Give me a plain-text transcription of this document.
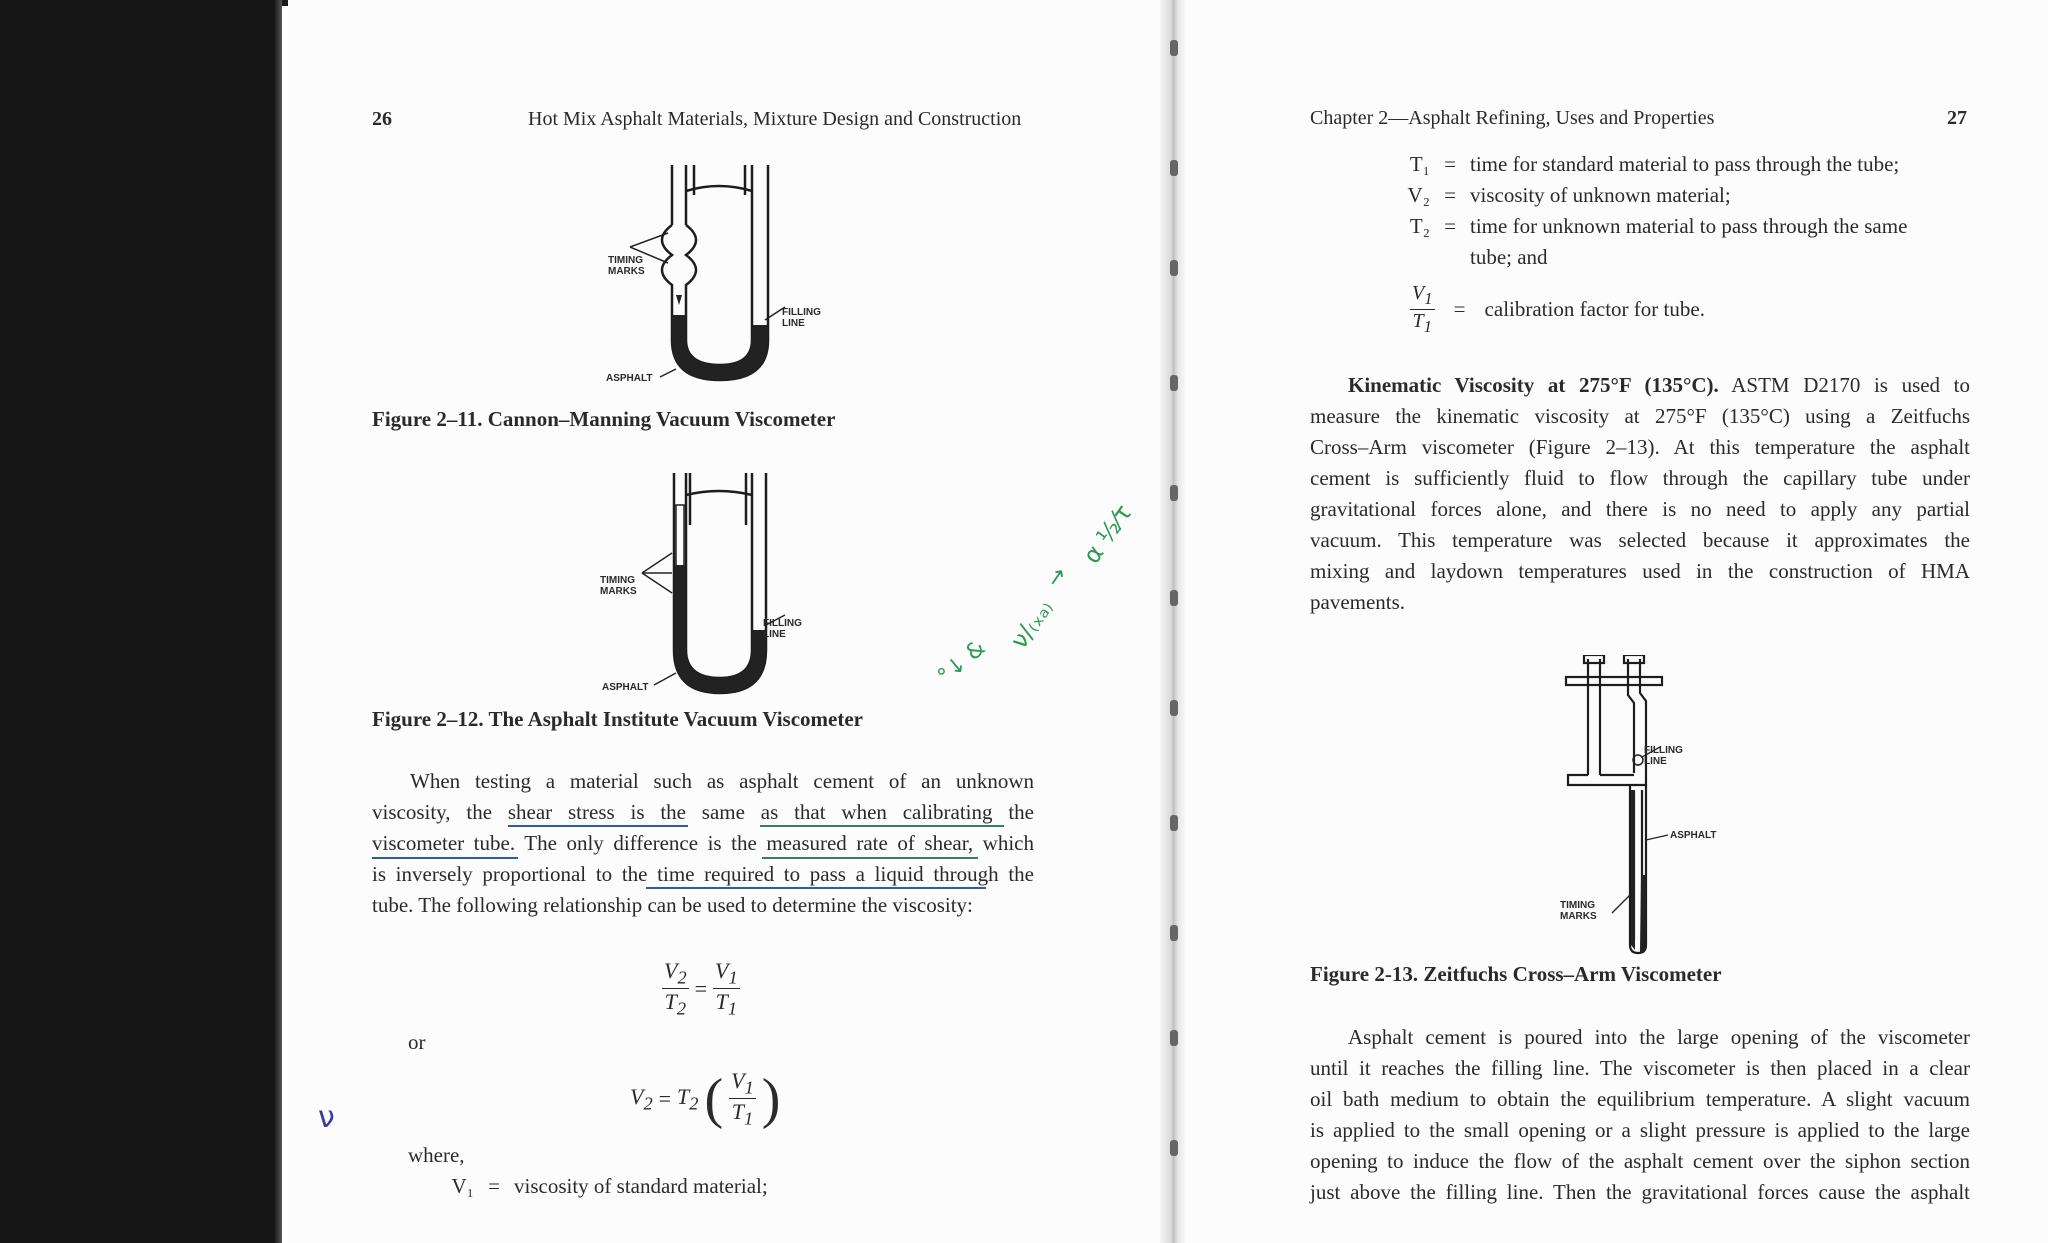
26	Hot Mix Asphalt Materials, Mixture Design and Construction
TIMING
MARKS
FILLING
LINE
ASPHALT
Figure 2–11. Cannon–Manning Vacuum Viscometer
TIMING
MARKS
FILLING
LINE
ASPHALT
Figure 2–12. The Asphalt Institute Vacuum Viscometer
When testing a material such as asphalt cement of an unknown
viscosity, the shear stress is the same as that when calibrating the
viscometer tube. The only difference is the measured rate of shear, which
is inversely proportional to the time required to pass a liquid through the
tube. The following relationship can be used to determine the viscosity:
$\frac{V_2}{T_2} = \frac{V_1}{T_1}$
or
$V_2 = T_2$ ( $\frac{V_1}{T_1}$ )
where,
V₁ = viscosity of standard material;
α ½⁄τ
→
ν/₍ₓₐ₎
°↓ &
ν
Chapter 2—Asphalt Refining, Uses and Properties	27
T₁ = time for standard material to pass through the tube;
V₂ = viscosity of unknown material;
T₂ = time for unknown material to pass through the same
tube; and
$\frac{V_1}{T_1}$ = calibration factor for tube.
Kinematic Viscosity at 275°F (135°C). ASTM D2170 is used to
measure the kinematic viscosity at 275°F (135°C) using a Zeitfuchs
Cross–Arm viscometer (Figure 2–13). At this temperature the asphalt
cement is sufficiently fluid to flow through the capillary tube under
gravitational forces alone, and there is no need to apply any partial
vacuum. This temperature was selected because it approximates the
mixing and laydown temperatures used in the construction of HMA
pavements.
FILLING
LINE
ASPHALT
TIMING
MARKS
Figure 2-13. Zeitfuchs Cross–Arm Viscometer
Asphalt cement is poured into the large opening of the viscometer
until it reaches the filling line. The viscometer is then placed in a clear
oil bath medium to obtain the equilibrium temperature. A slight vacuum
is applied to the small opening or a slight pressure is applied to the large
opening to induce the flow of the asphalt cement over the siphon section
just above the filling line. Then the gravitational forces cause the asphalt
